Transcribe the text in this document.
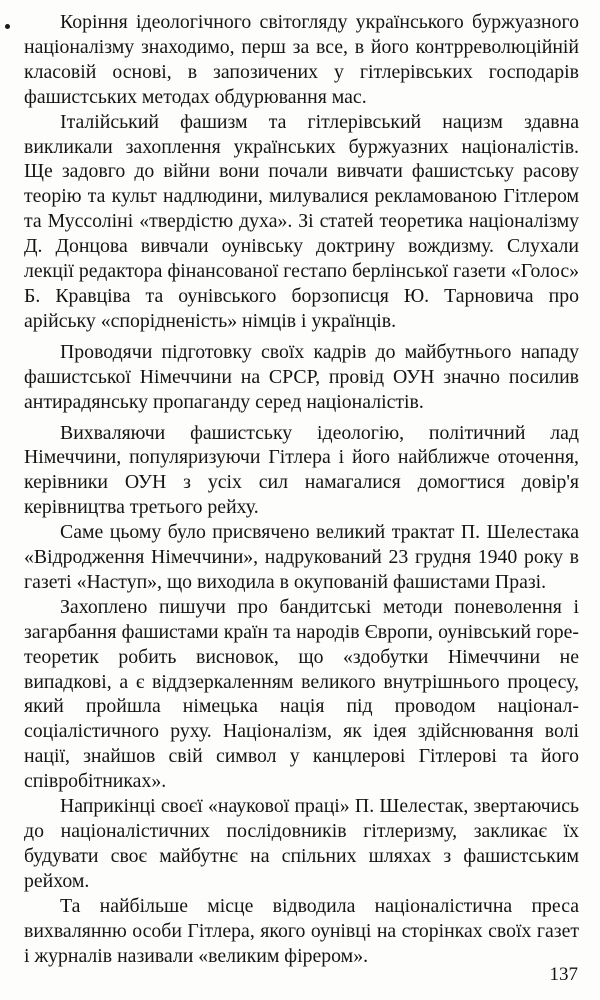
Коріння ідеологічного світогляду українського буржуазного націоналізму знаходимо, перш за все, в його контрреволюційній класовій основі, в запозичених у гітлерівських господарів фашистських методах обдурювання мас.

Італійський фашизм та гітлерівський нацизм здавна викликали захоплення українських буржуазних націоналістів. Ще задовго до війни вони почали вивчати фашистську расову теорію та культ надлюдини, милувалися рекламованою Гітлером та Муссоліні «твердістю духа». Зі статей теоретика націоналізму Д. Донцова вивчали оунівську доктрину вождизму. Слухали лекції редактора фінансованої гестапо берлінської газети «Голос» Б. Кравціва та оунівського борзописця Ю. Тарновича про арійську «спорідненість» німців і українців.

Проводячи підготовку своїх кадрів до майбутнього нападу фашистської Німеччини на СРСР, провід ОУН значно посилив антирадянську пропаганду серед націоналістів.

Вихваляючи фашистську ідеологію, політичний лад Німеччини, популяризуючи Гітлера і його найближче оточення, керівники ОУН з усіх сил намагалися домогтися довір'я керівництва третього рейху.

Саме цьому було присвячено великий трактат П. Шелестака «Відродження Німеччини», надрукований 23 грудня 1940 року в газеті «Наступ», що виходила в окупованій фашистами Празі.

Захоплено пишучи про бандитські методи поневолення і загарбання фашистами країн та народів Європи, оунівський горе-теоретик робить висновок, що «здобутки Німеччини не випадкові, а є віддзеркаленням великого внутрішнього процесу, який пройшла німецька нація під проводом націонал-соціалістичного руху. Націоналізм, як ідея здійснювання волі нації, знайшов свій символ у канцлерові Гітлерові та його співробітниках».

Наприкінці своєї «наукової праці» П. Шелестак, звертаючись до націоналістичних послідовників гітлеризму, закликає їх будувати своє майбутнє на спільних шляхах з фашистським рейхом.

Та найбільше місце відводила націоналістична преса вихвалянню особи Гітлера, якого оунівці на сторінках своїх газет і журналів називали «великим фірером».

137
